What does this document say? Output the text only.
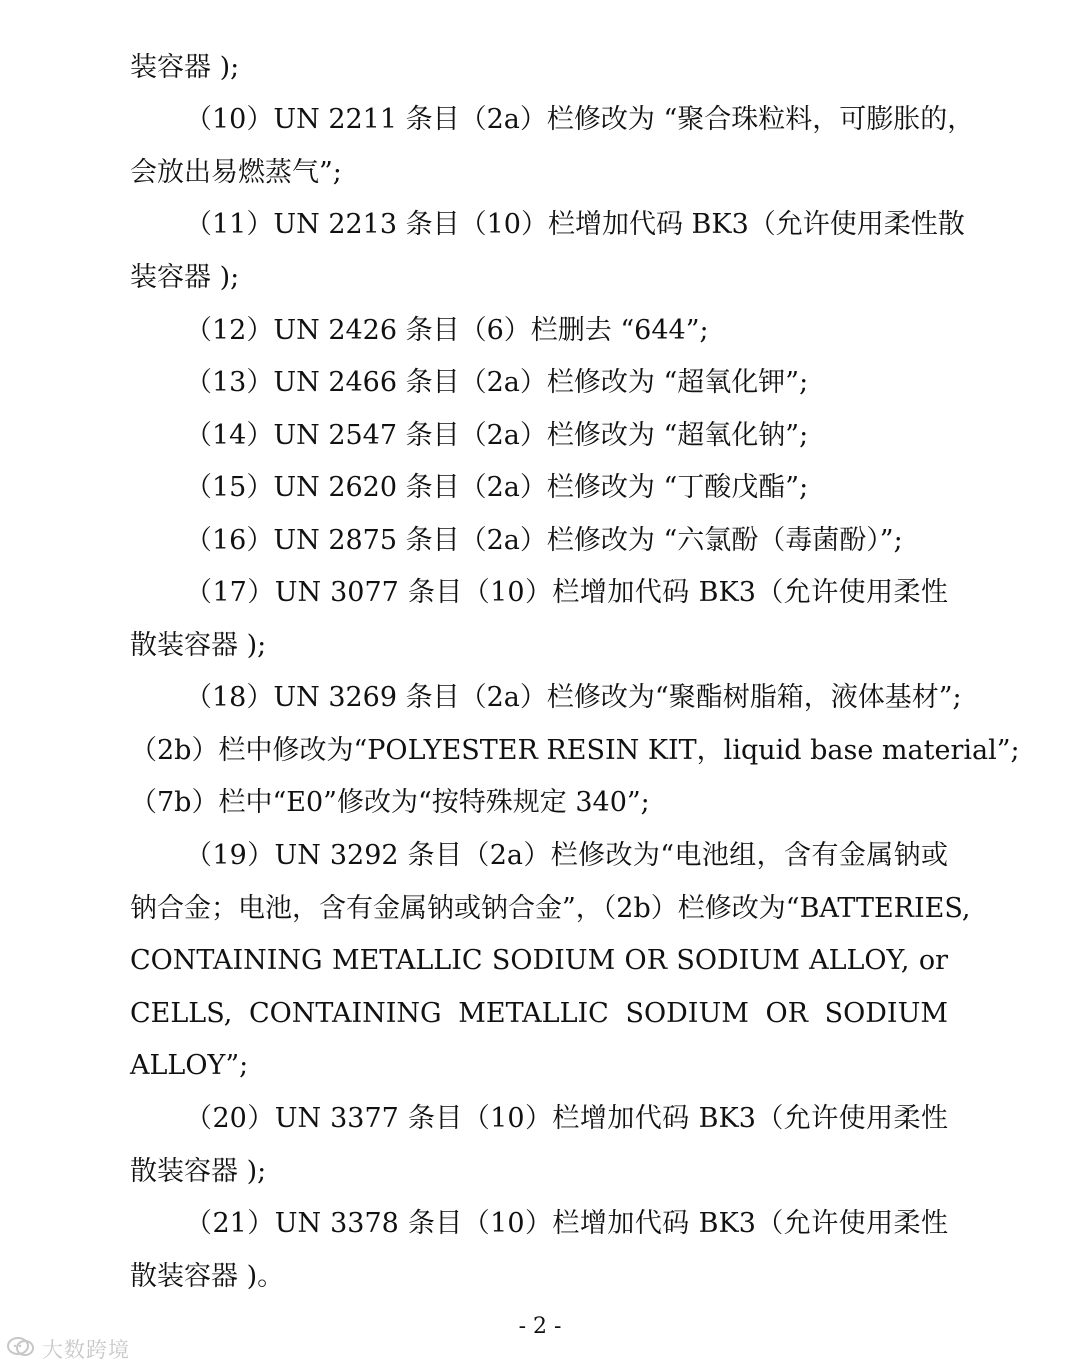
装容器 );
（10）UN 2211 条目（2a）栏修改为 “聚合珠粒料，可膨胀的，
会放出易燃蒸气”;
（11）UN 2213 条目（10）栏增加代码 BK3（允许使用柔性散
装容器 );
（12）UN 2426 条目（6）栏删去 “644”;
（13）UN 2466 条目（2a）栏修改为 “超氧化钾”;
（14）UN 2547 条目（2a）栏修改为 “超氧化钠”;
（15）UN 2620 条目（2a）栏修改为 “丁酸戊酯”;
（16）UN 2875 条目（2a）栏修改为 “六氯酚（毒菌酚）”;
（17）UN 3077 条目（10）栏增加代码 BK3（允许使用柔性
散装容器 );
（18）UN 3269 条目（2a）栏修改为“聚酯树脂箱，液体基材”;
（2b）栏中修改为“POLYESTER RESIN KIT，liquid base material”;
（7b）栏中“E0”修改为“按特殊规定 340”;
（19）UN 3292 条目（2a）栏修改为“电池组，含有金属钠或
钠合金；电池，含有金属钠或钠合金”，（2b）栏修改为“BATTERIES,
CONTAINING METALLIC SODIUM OR SODIUM ALLOY, or
CELLS, CONTAINING METALLIC SODIUM OR SODIUM
ALLOY”;
（20）UN 3377 条目（10）栏增加代码 BK3（允许使用柔性
散装容器 );
（21）UN 3378 条目（10）栏增加代码 BK3（允许使用柔性
散装容器 )。
- 2 -
大数跨境
